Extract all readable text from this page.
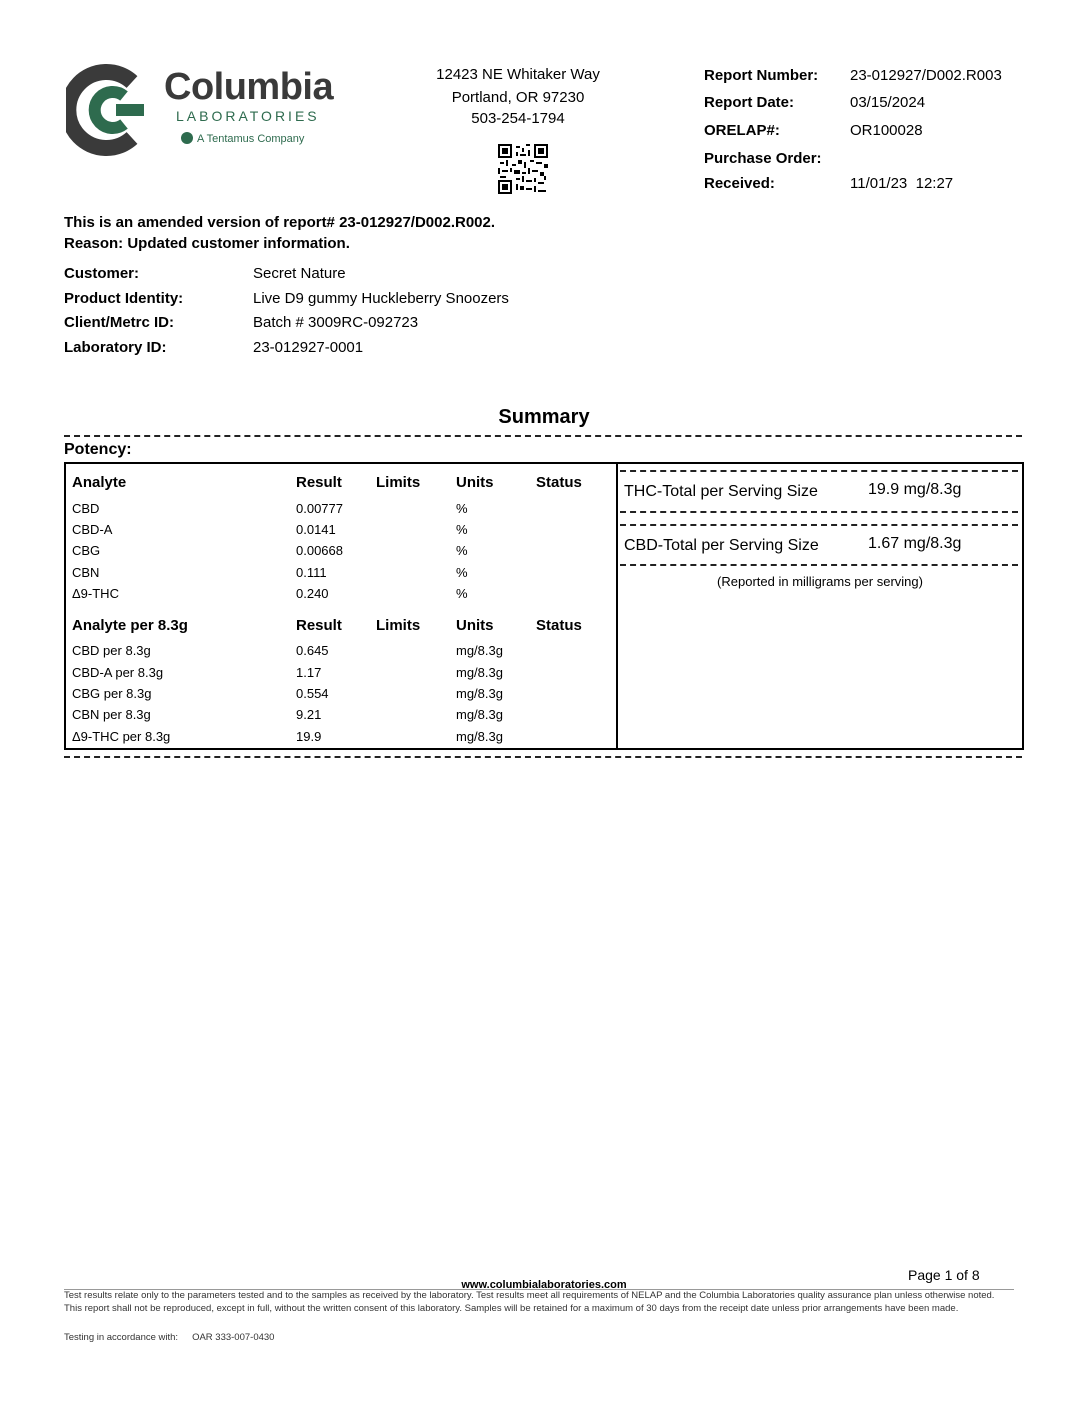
Columbia
LABORATORIES
A Tentamus Company
12423 NE Whitaker Way
Portland, OR 97230
503-254-1794
Report Number: 23-012927/D002.R003
Report Date:	03/15/2024
ORELAP#:	OR100028
Purchase Order:
Received:	11/01/23  12:27
This is an amended version of report# 23-012927/D002.R002.
Reason: Updated customer information.
Customer:	Secret Nature
Product Identity:	Live D9 gummy Huckleberry Snoozers
Client/Metrc ID:	Batch # 3009RC-092723
Laboratory ID:	23-012927-0001
Summary
Potency:
Analyte	Result Limits Units	Status
CBD	0.00777	%
CBD-A	0.0141	%
CBG	0.00668	%
CBN	0.111	%
Δ9-THC	0.240	%
Analyte per 8.3g	Result Limits Units	Status
CBD per 8.3g	0.645	mg/8.3g
CBD-A per 8.3g	1.17	mg/8.3g
CBG per 8.3g	0.554	mg/8.3g
CBN per 8.3g	9.21	mg/8.3g
Δ9-THC per 8.3g	19.9	mg/8.3g
THC-Total per Serving Size	19.9 mg/8.3g
CBD-Total per Serving Size	1.67 mg/8.3g
(Reported in milligrams per serving)
Page 1 of 8
www.columbialaboratories.com
Test results relate only to the parameters tested and to the samples as received by the laboratory. Test results meet all requirements of NELAP and the Columbia Laboratories quality assurance plan unless otherwise noted. This report shall not be reproduced, except in full, without the written consent of this laboratory. Samples will be retained for a maximum of 30 days from the receipt date unless prior arrangements have been made.
Testing in accordance with: OAR 333-007-0430
